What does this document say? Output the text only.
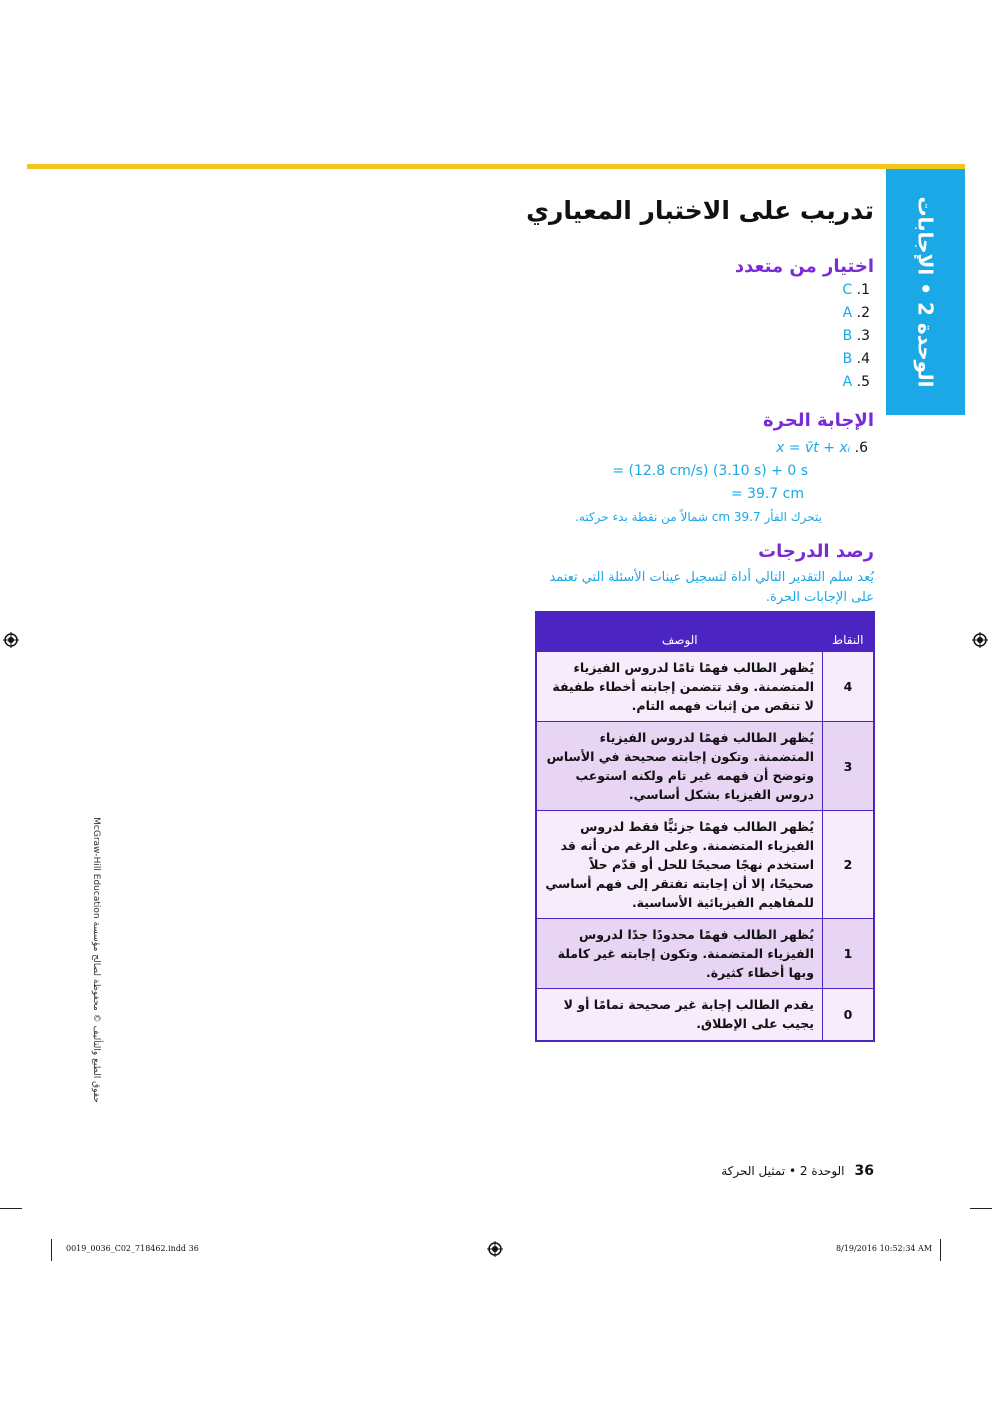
الوحدة 2 • الإجابات
تدريب على الاختبار المعياري
اختيار من متعدد
C .1
A .2
B .3
B .4
A .5
الإجابة الحرة
x = v̄t + xᵢ .6
= (12.8 cm/s) (3.10 s) + 0 s
= 39.7 cm
يتحرك الفأر 39.7 cm شمالاً من نقطة بدء حركته.
رصد الدرجات

يُعد سلم التقدير التالي أداة لتسجيل عينات الأسئلة التي تعتمد على الإجابات الحرة.

النقاط	الوصف
4	يُظهر الطالب فهمًا تامًا لدروس الفيزياء المتضمنة. وقد تتضمن إجابته أخطاء طفيفة لا تنقص من إثبات فهمه التام.
3	يُظهر الطالب فهمًا لدروس الفيزياء المتضمنة. وتكون إجابته صحيحة في الأساس وتوضح أن فهمه غير تام ولكنه استوعب دروس الفيزياء بشكل أساسي.
2	يُظهر الطالب فهمًا جزئيًّا فقط لدروس الفيزياء المتضمنة. وعلى الرغم من أنه قد استخدم نهجًا صحيحًا للحل أو قدّم حلاً صحيحًا، إلا أن إجابته تفتقر إلى فهم أساسي للمفاهيم الفيزيائية الأساسية.
1	يُظهر الطالب فهمًا محدودًا جدًا لدروس الفيزياء المتضمنة. وتكون إجابته غير كاملة وبها أخطاء كثيرة.
0	يقدم الطالب إجابة غير صحيحة تمامًا أو لا يجيب على الإطلاق.
36الوحدة 2 • تمثيل الحركة
حقوق الطبع والتأليف © محفوظة لصالح مؤسسة McGraw-Hill Education
0019_0036_C02_718462.indd 36	8/19/2016 10:52:34 AM
